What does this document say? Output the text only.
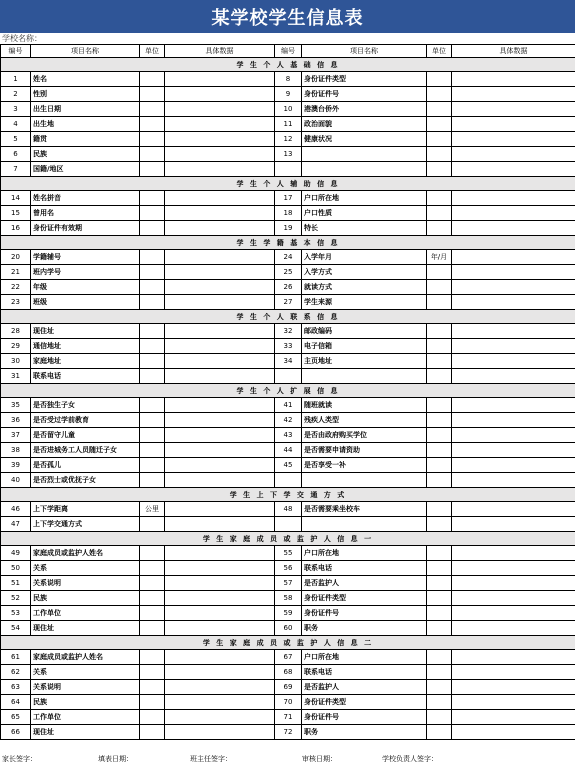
某学校学生信息表
学校名称：
编号	项目名称	单位	具体数据	编号	项目名称	单位	具体数据
学 生 个 人 基 础 信 息							
1	姓名			8	身份证件类型		
2	性别			9	身份证件号		
3	出生日期			10	港澳台侨外		
4	出生地			11	政治面貌		
5	籍贯			12	健康状况		
6	民族			13			
7	国籍/地区						
学 生 个 人 辅 助 信 息							
14	姓名拼音			17	户口所在地		
15	曾用名			18	户口性质		
16	身份证件有效期			19	特长		
学 生 学 籍 基 本 信 息							
20	学籍辅号			24	入学年月	年/月	
21	班内学号			25	入学方式		
22	年级			26	就读方式		
23	班级			27	学生来源		
学 生 个 人 联 系 信 息							
28	现住址			32	邮政编码		
29	通信地址			33	电子信箱		
30	家庭地址			34	主页地址		
31	联系电话						
学 生 个 人 扩 展 信 息							
35	是否独生子女			41	随班就读		
36	是否受过学前教育			42	残疾人类型		
37	是否留守儿童			43	是否由政府购买学位		
38	是否进城务工人员随迁子女			44	是否需要申请资助		
39	是否孤儿			45	是否享受一补		
40	是否烈士或优抚子女						
学 生 上 下 学 交 通 方 式							
46	上下学距离	公里		48	是否需要乘坐校车		
47	上下学交通方式						
学 生 家 庭 成 员 或 监 护 人 信 息 一							
49	家庭成员或监护人姓名			55	户口所在地		
50	关系			56	联系电话		
51	关系说明			57	是否监护人		
52	民族			58	身份证件类型		
53	工作单位			59	身份证件号		
54	现住址			60	职务		
学 生 家 庭 成 员 或 监 护 人 信 息 二							
61	家庭成员或监护人姓名			67	户口所在地		
62	关系			68	联系电话		
63	关系说明			69	是否监护人		
64	民族			70	身份证件类型		
65	工作单位			71	身份证件号		
66	现住址			72	职务		
家长签字：	填表日期：	班主任签字：	审核日期：	学校负责人签字：
